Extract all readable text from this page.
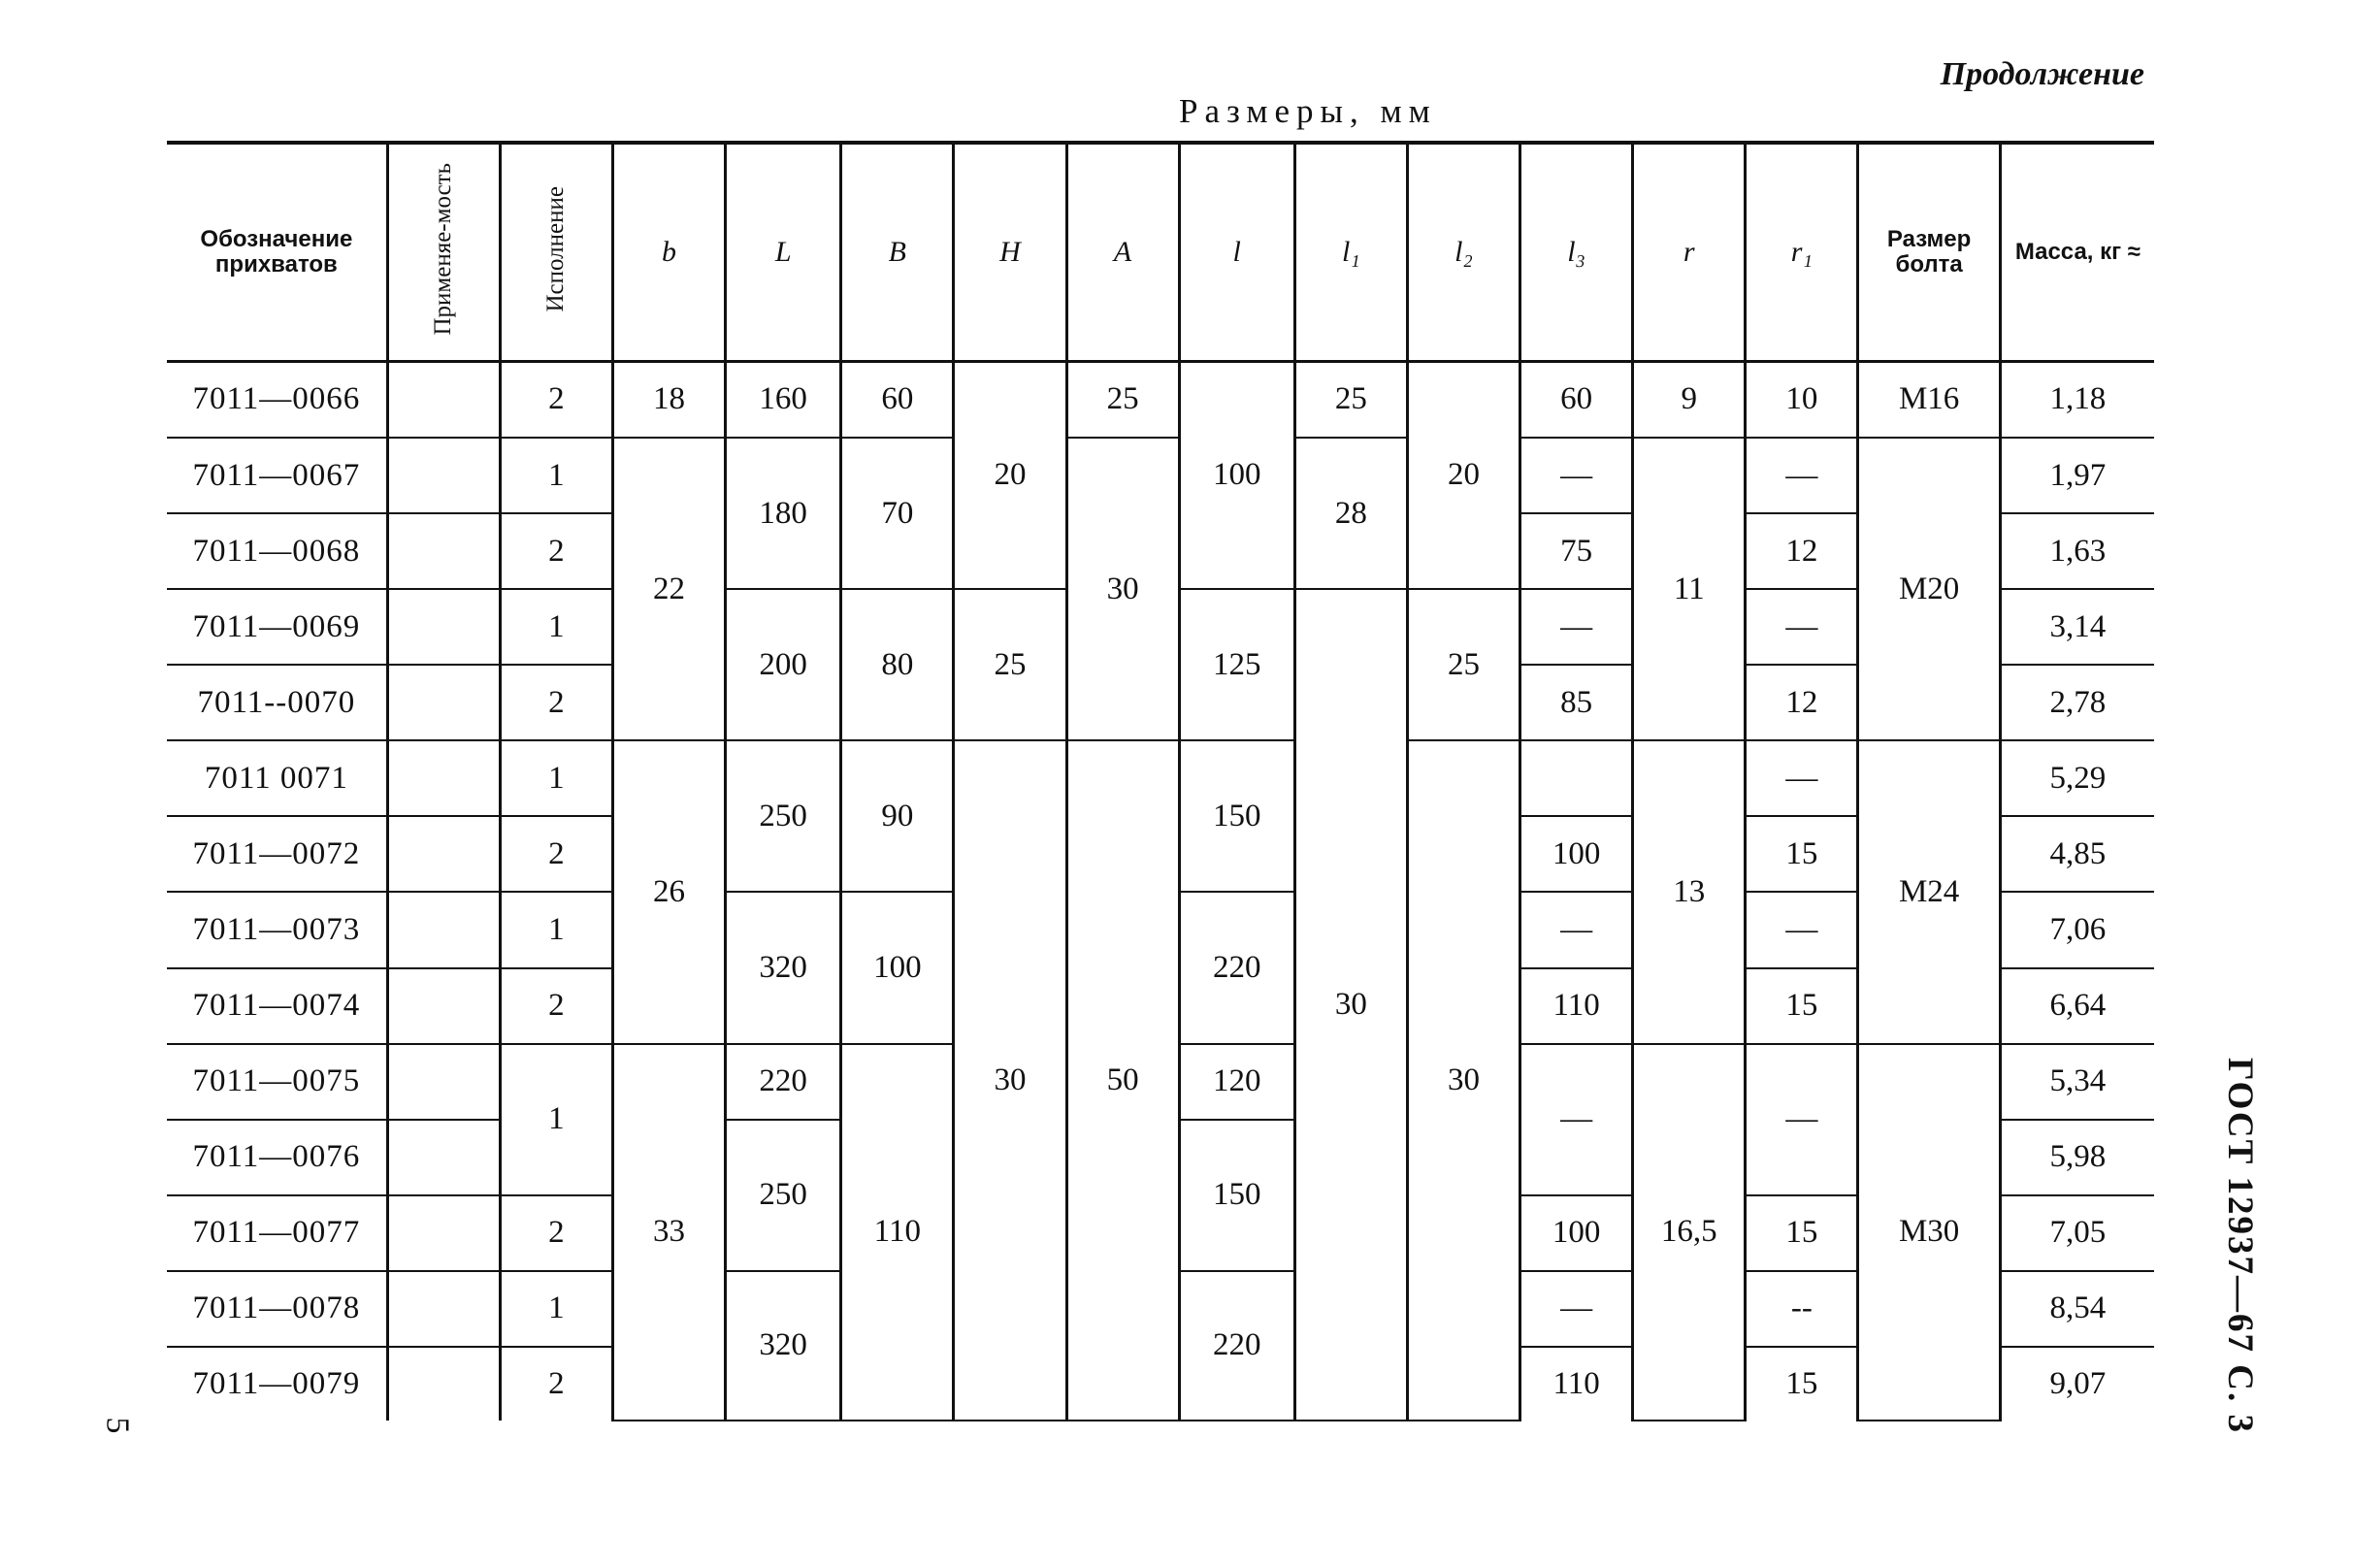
Продолжение
Размеры, мм
ГОСТ 12937—67 С. 3
5
Обозначение прихватов	Применяе-мость	Исполнение	b	L	B	H	A	l	l₁	l₂	l₃	r	r₁	Размер болта	Масса, кг ≈
7011—0066		2	18	160	60	20	25	100	25	20	60	9	10	М16	1,18
7011—0067		1	22	180	70		30		28		—	11	—	М20	1,97
7011—0068		2									75		12		1,63
7011—0069		1		200	80	25		125	30	25	—		—		3,14
7011--0070		2									85		12		2,78
7011 0071		1	26	250	90	30	50	150		30		13	—	М24	5,29
7011—0072		2									100		15		4,85
7011—0073		1		320	100			220			—		—		7,06
7011—0074		2									110		15		6,64
7011—0075		1	33	220	110			120			—	16,5	—	М30	5,34
7011—0076				250				150							5,98
7011—0077		2									100		15		7,05
7011—0078		1		320				220			—		--		8,54
7011—0079		2									110		15		9,07
